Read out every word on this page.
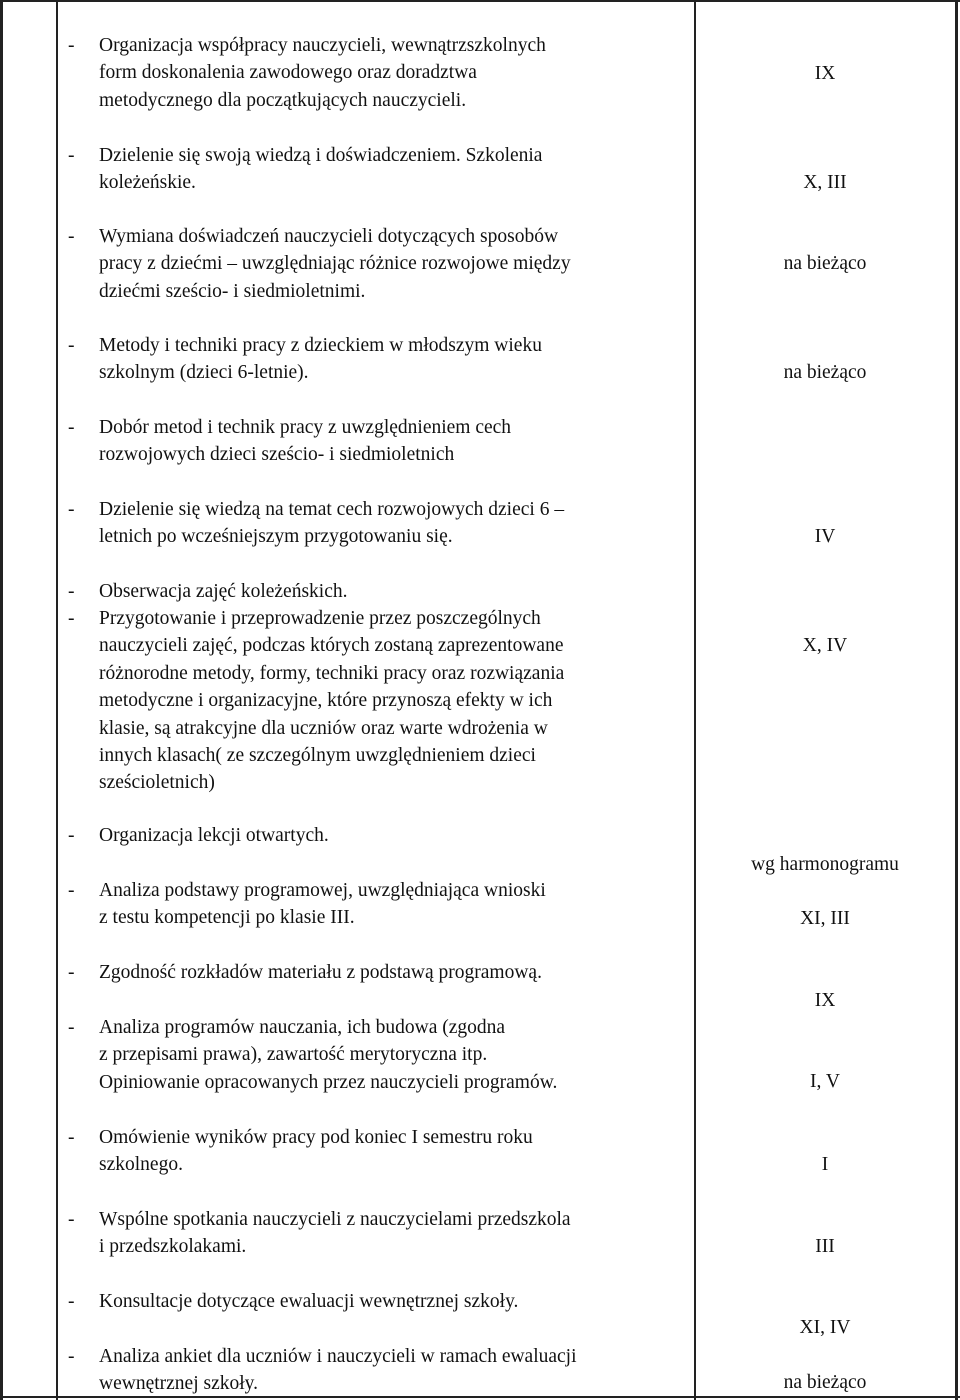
- Organizacja współpracy nauczycieli, wewnątrzszkolnych
form doskonalenia zawodowego oraz doradztwa
metodycznego dla początkujących nauczycieli.
- Dzielenie się swoją wiedzą i doświadczeniem. Szkolenia
koleżeńskie.
- Wymiana doświadczeń nauczycieli dotyczących sposobów
pracy z dziećmi – uwzględniając różnice rozwojowe między
dziećmi sześcio- i siedmioletnimi.
- Metody i techniki pracy z dzieckiem w młodszym wieku
szkolnym (dzieci 6-letnie).
- Dobór metod i technik pracy z uwzględnieniem cech
rozwojowych dzieci sześcio- i siedmioletnich
- Dzielenie się wiedzą na temat cech rozwojowych dzieci 6 –
letnich po wcześniejszym przygotowaniu się.
- Obserwacja zajęć koleżeńskich.
- Przygotowanie i przeprowadzenie przez poszczególnych
nauczycieli zajęć, podczas których zostaną zaprezentowane
różnorodne metody, formy, techniki pracy oraz rozwiązania
metodyczne i organizacyjne, które przynoszą efekty w ich
klasie, są atrakcyjne dla uczniów oraz warte wdrożenia w
innych klasach( ze szczególnym uwzględnieniem dzieci
sześcioletnich)
- Organizacja lekcji otwartych.
- Analiza podstawy programowej, uwzględniająca wnioski
z testu kompetencji po klasie III.
- Zgodność rozkładów materiału z podstawą programową.
- Analiza programów nauczania, ich budowa (zgodna
z przepisami prawa), zawartość merytoryczna itp.
Opiniowanie opracowanych przez nauczycieli programów.
- Omówienie wyników pracy pod koniec I semestru roku
szkolnego.
- Wspólne spotkania nauczycieli z nauczycielami przedszkola
i przedszkolakami.
- Konsultacje dotyczące ewaluacji wewnętrznej szkoły.
- Analiza ankiet dla uczniów i nauczycieli w ramach ewaluacji
wewnętrznej szkoły.
IX
X, III
na bieżąco
na bieżąco
IV
X, IV
wg harmonogramu
XI, III
IX
I, V
I
III
XI, IV
na bieżąco
